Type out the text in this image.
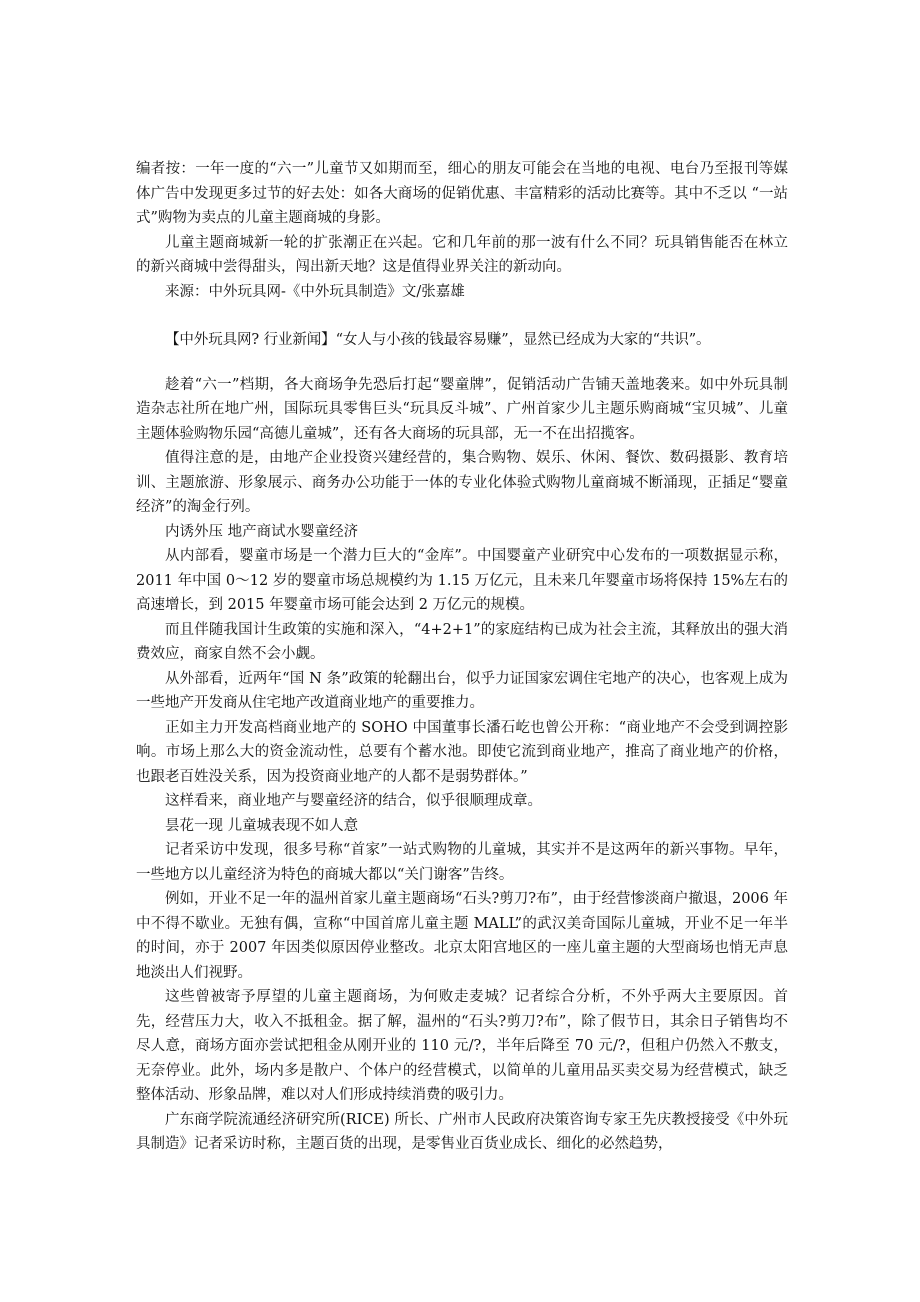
编者按：一年一度的“六一”儿童节又如期而至，细心的朋友可能会在当地的电视、电台乃至报刊等媒体广告中发现更多过节的好去处：如各大商场的促销优惠、丰富精彩的活动比赛等。其中不乏以 “一站式”购物为卖点的儿童主题商城的身影。

儿童主题商城新一轮的扩张潮正在兴起。它和几年前的那一波有什么不同？玩具销售能否在林立的新兴商城中尝得甜头，闯出新天地？这是值得业界关注的新动向。

来源：中外玩具网-《中外玩具制造》文/张嘉雄

【中外玩具网? 行业新闻】“女人与小孩的钱最容易赚”，显然已经成为大家的“共识”。

趁着“六一”档期，各大商场争先恐后打起“婴童牌”，促销活动广告铺天盖地袭来。如中外玩具制造杂志社所在地广州，国际玩具零售巨头“玩具反斗城”、广州首家少儿主题乐购商城“宝贝城”、儿童主题体验购物乐园“高德儿童城”，还有各大商场的玩具部，无一不在出招揽客。

值得注意的是，由地产企业投资兴建经营的，集合购物、娱乐、休闲、餐饮、数码摄影、教育培训、主题旅游、形象展示、商务办公功能于一体的专业化体验式购物儿童商城不断涌现，正插足“婴童经济”的淘金行列。

内诱外压 地产商试水婴童经济

从内部看，婴童市场是一个潜力巨大的“金库”。中国婴童产业研究中心发布的一项数据显示称，2011 年中国 0～12 岁的婴童市场总规模约为 1.15 万亿元，且未来几年婴童市场将保持 15%左右的高速增长，到 2015 年婴童市场可能会达到 2 万亿元的规模。

而且伴随我国计生政策的实施和深入，“4+2+1”的家庭结构已成为社会主流，其释放出的强大消费效应，商家自然不会小觑。

从外部看，近两年“国 N 条”政策的轮翻出台，似乎力证国家宏调住宅地产的决心，也客观上成为一些地产开发商从住宅地产改道商业地产的重要推力。

正如主力开发高档商业地产的 SOHO 中国董事长潘石屹也曾公开称：“商业地产不会受到调控影响。市场上那么大的资金流动性，总要有个蓄水池。即使它流到商业地产，推高了商业地产的价格，也跟老百姓没关系，因为投资商业地产的人都不是弱势群体。”

这样看来，商业地产与婴童经济的结合，似乎很顺理成章。

昙花一现 儿童城表现不如人意

记者采访中发现，很多号称“首家”一站式购物的儿童城，其实并不是这两年的新兴事物。早年，一些地方以儿童经济为特色的商城大都以“关门谢客”告终。

例如，开业不足一年的温州首家儿童主题商场“石头?剪刀?布”，由于经营惨淡商户撤退，2006 年中不得不歇业。无独有偶，宣称“中国首席儿童主题 MALL”的武汉美奇国际儿童城，开业不足一年半的时间，亦于 2007 年因类似原因停业整改。北京太阳宫地区的一座儿童主题的大型商场也悄无声息地淡出人们视野。

这些曾被寄予厚望的儿童主题商场，为何败走麦城？记者综合分析，不外乎两大主要原因。首先，经营压力大，收入不抵租金。据了解，温州的“石头?剪刀?布”，除了假节日，其余日子销售均不尽人意，商场方面亦尝试把租金从刚开业的 110 元/?，半年后降至 70 元/?，但租户仍然入不敷支，无奈停业。此外，场内多是散户、个体户的经营模式，以简单的儿童用品买卖交易为经营模式，缺乏整体活动、形象品牌，难以对人们形成持续消费的吸引力。

广东商学院流通经济研究所(RICE) 所长、广州市人民政府决策咨询专家王先庆教授接受《中外玩具制造》记者采访时称，主题百货的出现，是零售业百货业成长、细化的必然趋势，
